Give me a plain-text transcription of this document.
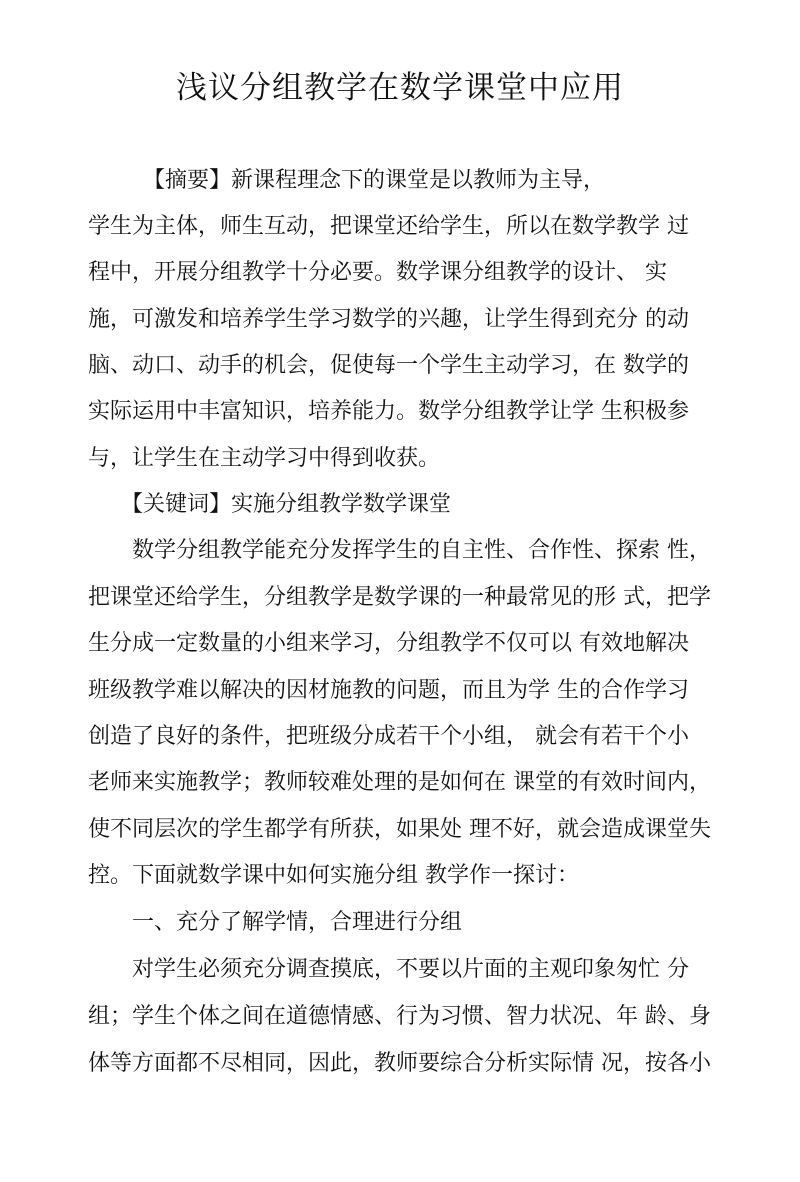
浅议分组教学在数学课堂中应用

　　　【摘要】新课程理念下的课堂是以教师为主导，

学生为主体，师生互动，把课堂还给学生，所以在数学教学 过

程中，开展分组教学十分必要。数学课分组教学的设计、 实

施，可激发和培养学生学习数学的兴趣，让学生得到充分 的动

脑、动口、动手的机会，促使每一个学生主动学习，在 数学的

实际运用中丰富知识，培养能力。数学分组教学让学 生积极参

与，让学生在主动学习中得到收获。

　　【关键词】实施分组教学数学课堂

　　数学分组教学能充分发挥学生的自主性、合作性、探索 性，

把课堂还给学生，分组教学是数学课的一种最常见的形 式，把学

生分成一定数量的小组来学习，分组教学不仅可以 有效地解决

班级教学难以解决的因材施教的问题，而且为学 生的合作学习

创造了良好的条件，把班级分成若干个小组， 就会有若干个小

老师来实施教学；教师较难处理的是如何在 课堂的有效时间内，

使不同层次的学生都学有所获，如果处 理不好，就会造成课堂失

控。下面就数学课中如何实施分组 教学作一探讨：

　　一、充分了解学情，合理进行分组

　　对学生必须充分调查摸底，不要以片面的主观印象匆忙 分

组；学生个体之间在道德情感、行为习惯、智力状况、年 龄、身

体等方面都不尽相同，因此，教师要综合分析实际情 况，按各小
